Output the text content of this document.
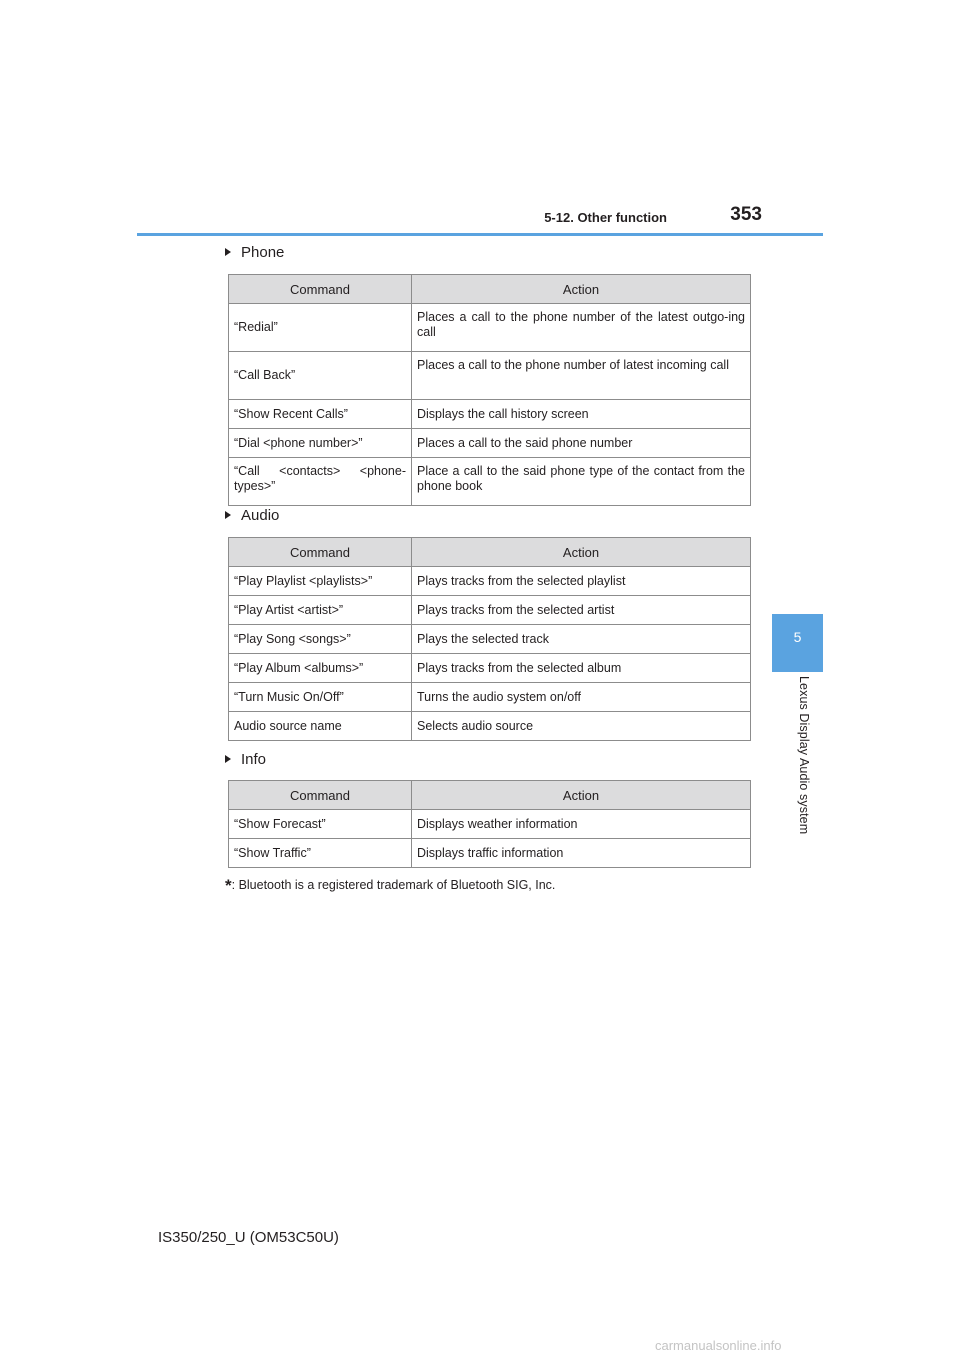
5-12. Other function	353
5
Lexus Display Audio system
Phone
Command	Action
“Redial”	Places a call to the phone number of the latest outgo-ing call
“Call Back”	Places a call to the phone number of latest incoming call
“Show Recent Calls”	Displays the call history screen
“Dial <phone number>”	Places a call to the said phone number
“Call <contacts> <phone-types>”	Place a call to the said phone type of the contact from the phone book
Audio
Command	Action
“Play Playlist <playlists>”	Plays tracks from the selected playlist
“Play Artist <artist>”	Plays tracks from the selected artist
“Play Song <songs>”	Plays the selected track
“Play Album <albums>”	Plays tracks from the selected album
“Turn Music On/Off”	Turns the audio system on/off
Audio source name	Selects audio source
Info
Command	Action
“Show Forecast”	Displays weather information
“Show Traffic”	Displays traffic information
*: Bluetooth is a registered trademark of Bluetooth SIG, Inc.
IS350/250_U (OM53C50U)
carmanualsonline.info
